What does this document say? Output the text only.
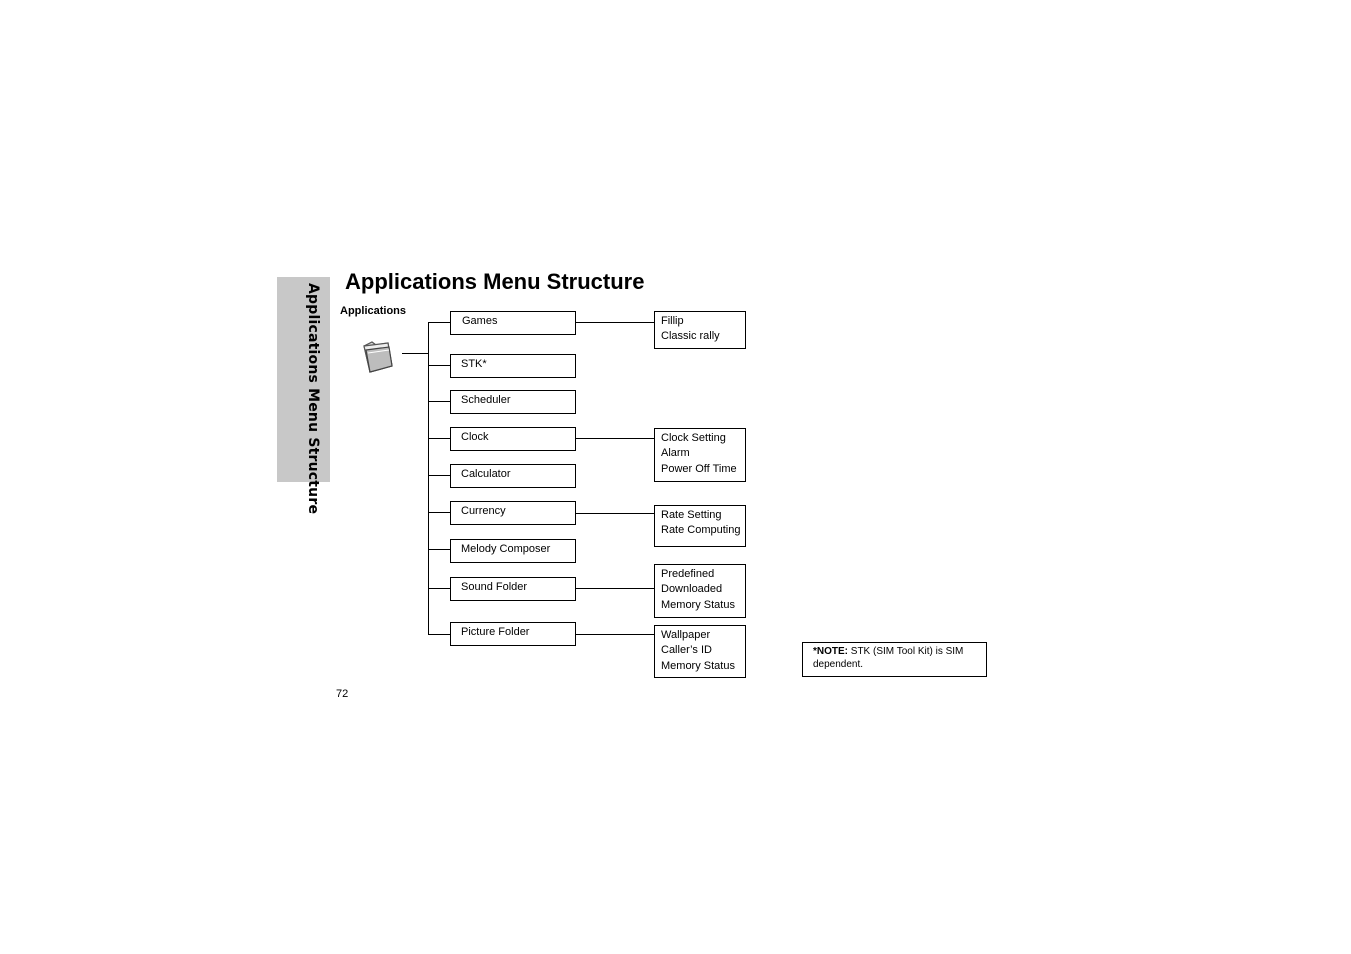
Applications Menu Structure
Applications Menu Structure
Applications
Games
STK*
Scheduler
Clock
Calculator
Currency
Melody Composer
Sound Folder
Picture Folder
Fillip
Classic rally
Clock Setting
Alarm
Power Off Time
Rate Setting
Rate Computing
Predefined
Downloaded
Memory Status
Wallpaper
Caller’s ID
Memory Status
*NOTE: STK (SIM Tool Kit) is SIM dependent.
72
